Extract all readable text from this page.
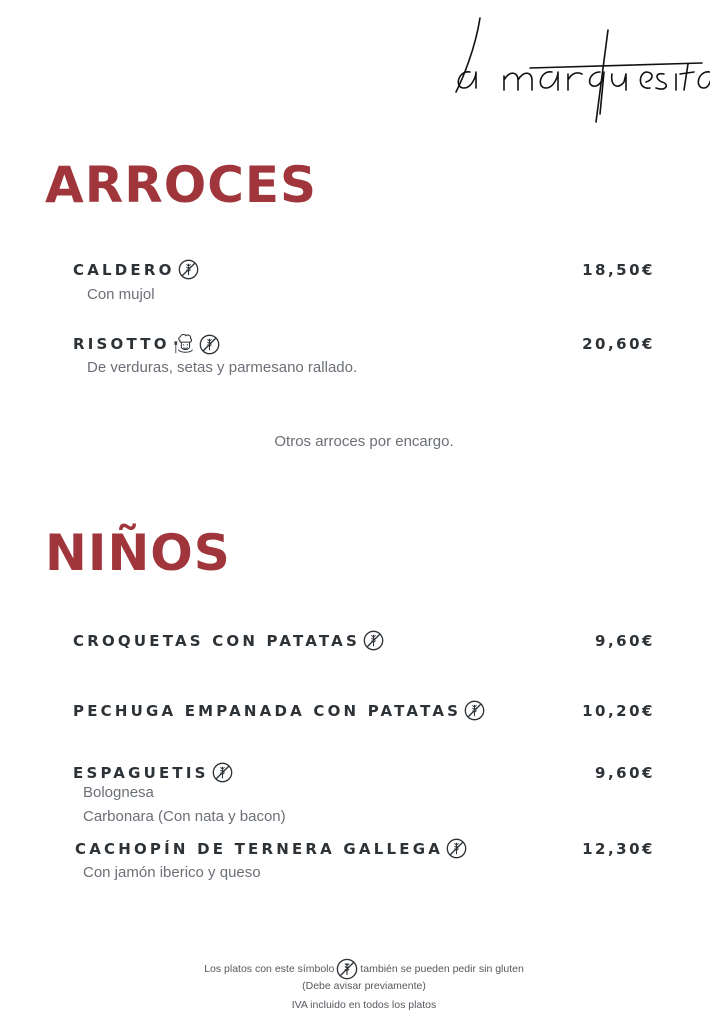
ARROCES
CALDERO	18,50€

Con mujol

RISOTTO	20,60€

De verduras, setas y parmesano rallado.

Otros arroces por encargo.

NIÑOS
CROQUETAS CON PATATAS	9,60€

PECHUGA EMPANADA CON PATATAS	10,20€

ESPAGUETIS	9,60€

Bolognesa

Carbonara (Con nata y bacon)

CACHOPÍN DE TERNERA GALLEGA	12,30€

Con jamón iberico y queso

Los platos con este símbolo también se pueden pedir sin gluten

(Debe avisar previamente)

IVA incluido en todos los platos
